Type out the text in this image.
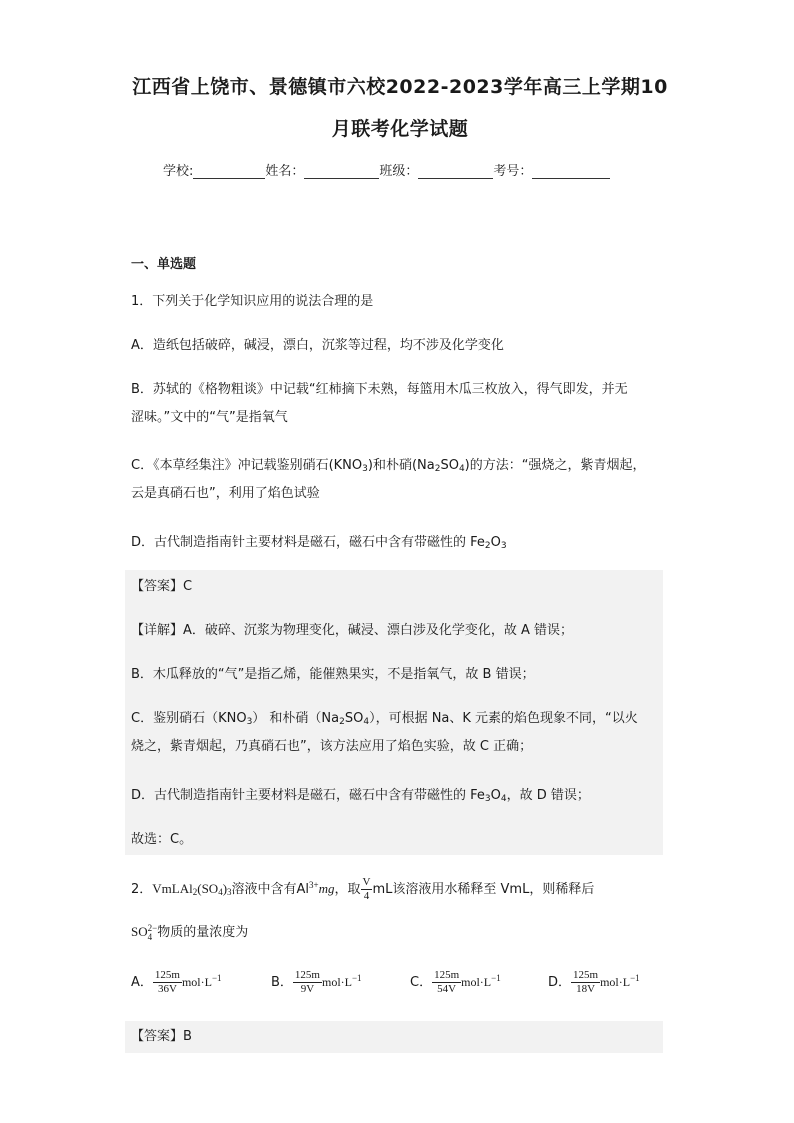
江西省上饶市、景德镇市六校2022-2023学年高三上学期10
月联考化学试题
学校:	姓名：	班级：	考号：
一、单选题
1．下列关于化学知识应用的说法合理的是
A．造纸包括破碎，碱浸，漂白，沉浆等过程，均不涉及化学变化
B．苏轼的《格物粗谈》中记载“红柿摘下未熟，每篮用木瓜三枚放入，得气即发，并无
涩味。”文中的“气”是指氧气
C．《本草经集注》冲记载鉴别硝石$(KNO_3)$和朴硝$(Na_2SO_4)$的方法：“强烧之，紫青烟起，
云是真硝石也”，利用了焰色试验
D．古代制造指南针主要材料是磁石，磁石中含有带磁性的 $Fe_2O_3$
【答案】C
【详解】A．破碎、沉浆为物理变化，碱浸、漂白涉及化学变化，故 A 错误；
B．木瓜释放的“气”是指乙烯，能催熟果实，不是指氧气，故 B 错误；
C．鉴别硝石$(KNO_3)$ 和朴硝$(Na_2SO_4)$，可根据 Na、K 元素的焰色现象不同，“以火
烧之，紫青烟起，乃真硝石也”，该方法应用了焰色实验，故 C 正确；
D．古代制造指南针主要材料是磁石，磁石中含有带磁性的 $Fe_3O_4$，故 D 错误；
故选：C。
2．$VmLAl_2(SO_4)_3$溶液中含有$Al^{3+}mg$，取 $\frac{V}{4}$ mL该溶液用水稀释至 VmL，则稀释后
SO 2−
4 物质的量浓度为
A． $\frac{125m}{36V} mol\cdot L^{-1}$	B． $\frac{125m}{9V} mol\cdot L^{-1}$	C． $\frac{125m}{54V} mol\cdot L^{-1}$	D． $\frac{125m}{18V} mol\cdot L^{-1}$
【答案】B
